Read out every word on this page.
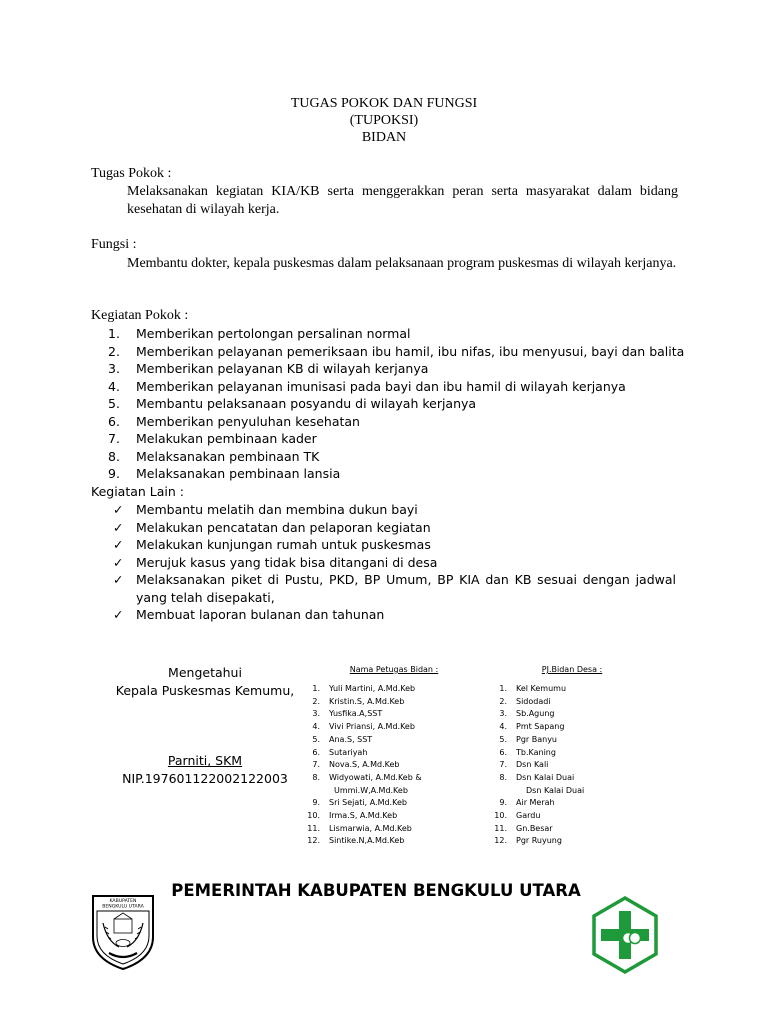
TUGAS POKOK DAN FUNGSI
(TUPOKSI)
BIDAN
Tugas Pokok :
Melaksanakan kegiatan KIA/KB serta menggerakkan peran serta masyarakat dalam bidang kesehatan di wilayah kerja.
Fungsi :
Membantu dokter, kepala puskesmas dalam pelaksanaan program puskesmas di wilayah kerjanya.
Kegiatan Pokok :
1. Memberikan pertolongan persalinan normal
2. Memberikan pelayanan pemeriksaan ibu hamil, ibu nifas, ibu menyusui, bayi dan balita
3. Memberikan pelayanan KB di wilayah kerjanya
4. Memberikan pelayanan imunisasi pada bayi dan ibu hamil di wilayah kerjanya
5. Membantu pelaksanaan posyandu di wilayah kerjanya
6. Memberikan penyuluhan kesehatan
7. Melakukan pembinaan kader
8. Melaksanakan pembinaan TK
9. Melaksanakan pembinaan lansia
Kegiatan Lain :
✓ Membantu melatih dan membina dukun bayi
✓ Melakukan pencatatan dan pelaporan kegiatan
✓ Melakukan kunjungan rumah untuk puskesmas
✓ Merujuk kasus yang tidak bisa ditangani di desa
✓ Melaksanakan piket di Pustu, PKD, BP Umum, BP KIA dan KB sesuai dengan jadwal yang telah disepakati,
✓ Membuat laporan bulanan dan tahunan
Mengetahui
Kepala Puskesmas Kemumu,
Parniti, SKM
NIP.197601122002122003
Nama Petugas Bidan :
1. Yuli Martini, A.Md.Keb
2. Kristin.S, A.Md.Keb
3. Yusfika.A,SST
4. Vivi Priansi, A.Md.Keb
5. Ana.S, SST
6. Sutariyah
7. Nova.S, A.Md.Keb
8. Widyowati, A.Md.Keb &
Ummi.W,A.Md.Keb
9. Sri Sejati, A.Md.Keb
10. Irma.S, A.Md.Keb
11. Lismarwia, A.Md.Keb
12. Sintike.N,A.Md.Keb
PJ.Bidan Desa :
1. Kel Kemumu
2. Sidodadi
3. Sb.Agung
4. Pmt Sapang
5. Pgr Banyu
6. Tb.Kaning
7. Dsn Kali
8. Dsn Kalai Duai
Dsn Kalai Duai
9. Air Merah
10. Gardu
11. Gn.Besar
12. Pgr Ruyung
PEMERINTAH KABUPATEN BENGKULU UTARA
KABUPATEN
BENGKULU UTARA
